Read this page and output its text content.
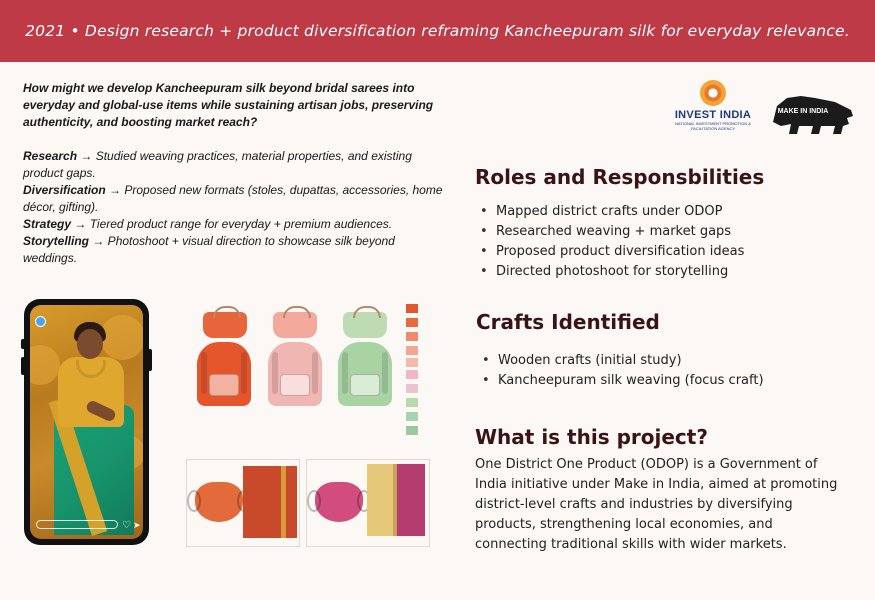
2021 • Design research + product diversification reframing Kancheepuram silk for everyday relevance.

How might we develop Kancheepuram silk beyond bridal sarees into everyday and global-use items while sustaining artisan jobs, preserving authenticity, and boosting market reach?

Research → Studied weaving practices, material properties, and existing product gaps.
Diversification → Proposed new formats (stoles, dupattas, accessories, home décor, gifting).
Strategy → Tiered product range for everyday + premium audiences.
Storytelling → Photoshoot + visual direction to showcase silk beyond weddings.
♡ ➤
INVEST INDIA
NATIONAL INVESTMENT PROMOTION & FACILITATION AGENCY
MAKE IN INDIA
Roles and Responsbilities
• Mapped district crafts under ODOP
• Researched weaving + market gaps
• Proposed product diversification ideas
• Directed photoshoot for storytelling
Crafts Identified
• Wooden crafts (initial study)
• Kancheepuram silk weaving (focus craft)
What is this project?

One District One Product (ODOP) is a Government of India initiative under Make in India, aimed at promoting district-level crafts and industries by diversifying products, strengthening local economies, and connecting traditional skills with wider markets.
